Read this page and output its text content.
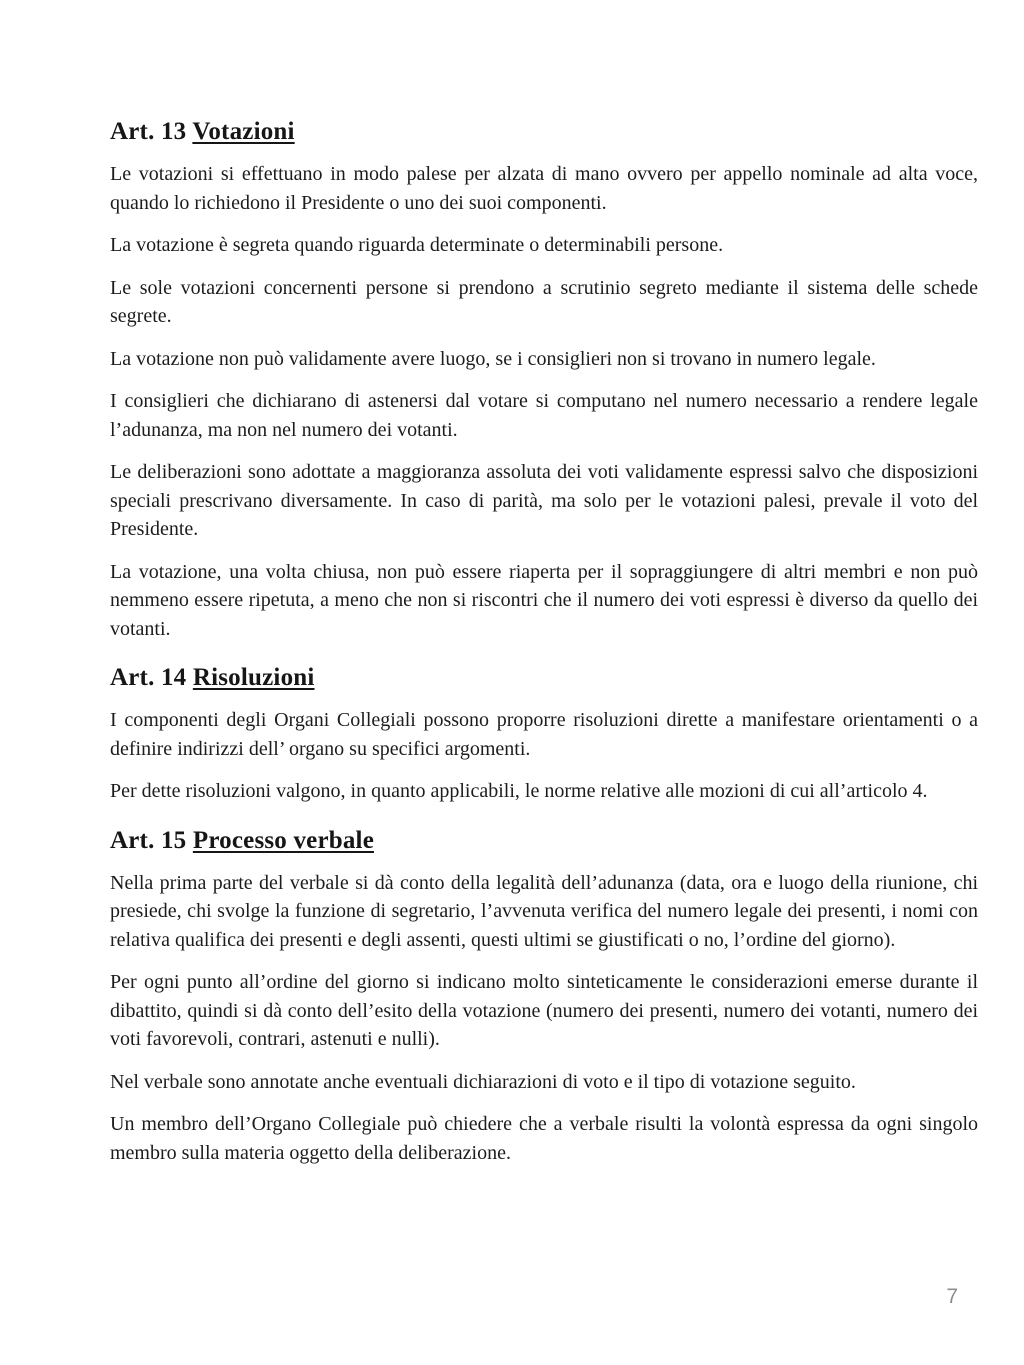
Art. 13 Votazioni

Le votazioni si effettuano in modo palese per alzata di mano ovvero per appello nominale ad alta voce, quando lo richiedono il Presidente o uno dei suoi componenti.

La votazione è segreta quando riguarda determinate o determinabili persone.

Le sole votazioni concernenti persone si prendono a scrutinio segreto mediante il sistema delle schede segrete.

La votazione non può validamente avere luogo, se i consiglieri non si trovano in numero legale.

I consiglieri che dichiarano di astenersi dal votare si computano nel numero necessario a rendere legale l’adunanza, ma non nel numero dei votanti.

Le deliberazioni sono adottate a maggioranza assoluta dei voti validamente espressi salvo che disposizioni speciali prescrivano diversamente. In caso di parità, ma solo per le votazioni palesi, prevale il voto del Presidente.

La votazione, una volta chiusa, non può essere riaperta per il sopraggiungere di altri membri e non può nemmeno essere ripetuta, a meno che non si riscontri che il numero dei voti espressi è diverso da quello dei votanti.

Art. 14 Risoluzioni

I componenti degli Organi Collegiali possono proporre risoluzioni dirette a manifestare orientamenti o a definire indirizzi dell’ organo su specifici argomenti.

Per dette risoluzioni valgono, in quanto applicabili, le norme relative alle mozioni di cui all’articolo 4.

Art. 15 Processo verbale

Nella prima parte del verbale si dà conto della legalità dell’adunanza (data, ora e luogo della riunione, chi presiede, chi svolge la funzione di segretario, l’avvenuta verifica del numero legale dei presenti, i nomi con relativa qualifica dei presenti e degli assenti, questi ultimi se giustificati o no, l’ordine del giorno).

Per ogni punto all’ordine del giorno si indicano molto sinteticamente le considerazioni emerse durante il dibattito, quindi si dà conto dell’esito della votazione (numero dei presenti, numero dei votanti, numero dei voti favorevoli, contrari, astenuti e nulli).

Nel verbale sono annotate anche eventuali dichiarazioni di voto e il tipo di votazione seguito.

Un membro dell’Organo Collegiale può chiedere che a verbale risulti la volontà espressa da ogni singolo membro sulla materia oggetto della deliberazione.

7
